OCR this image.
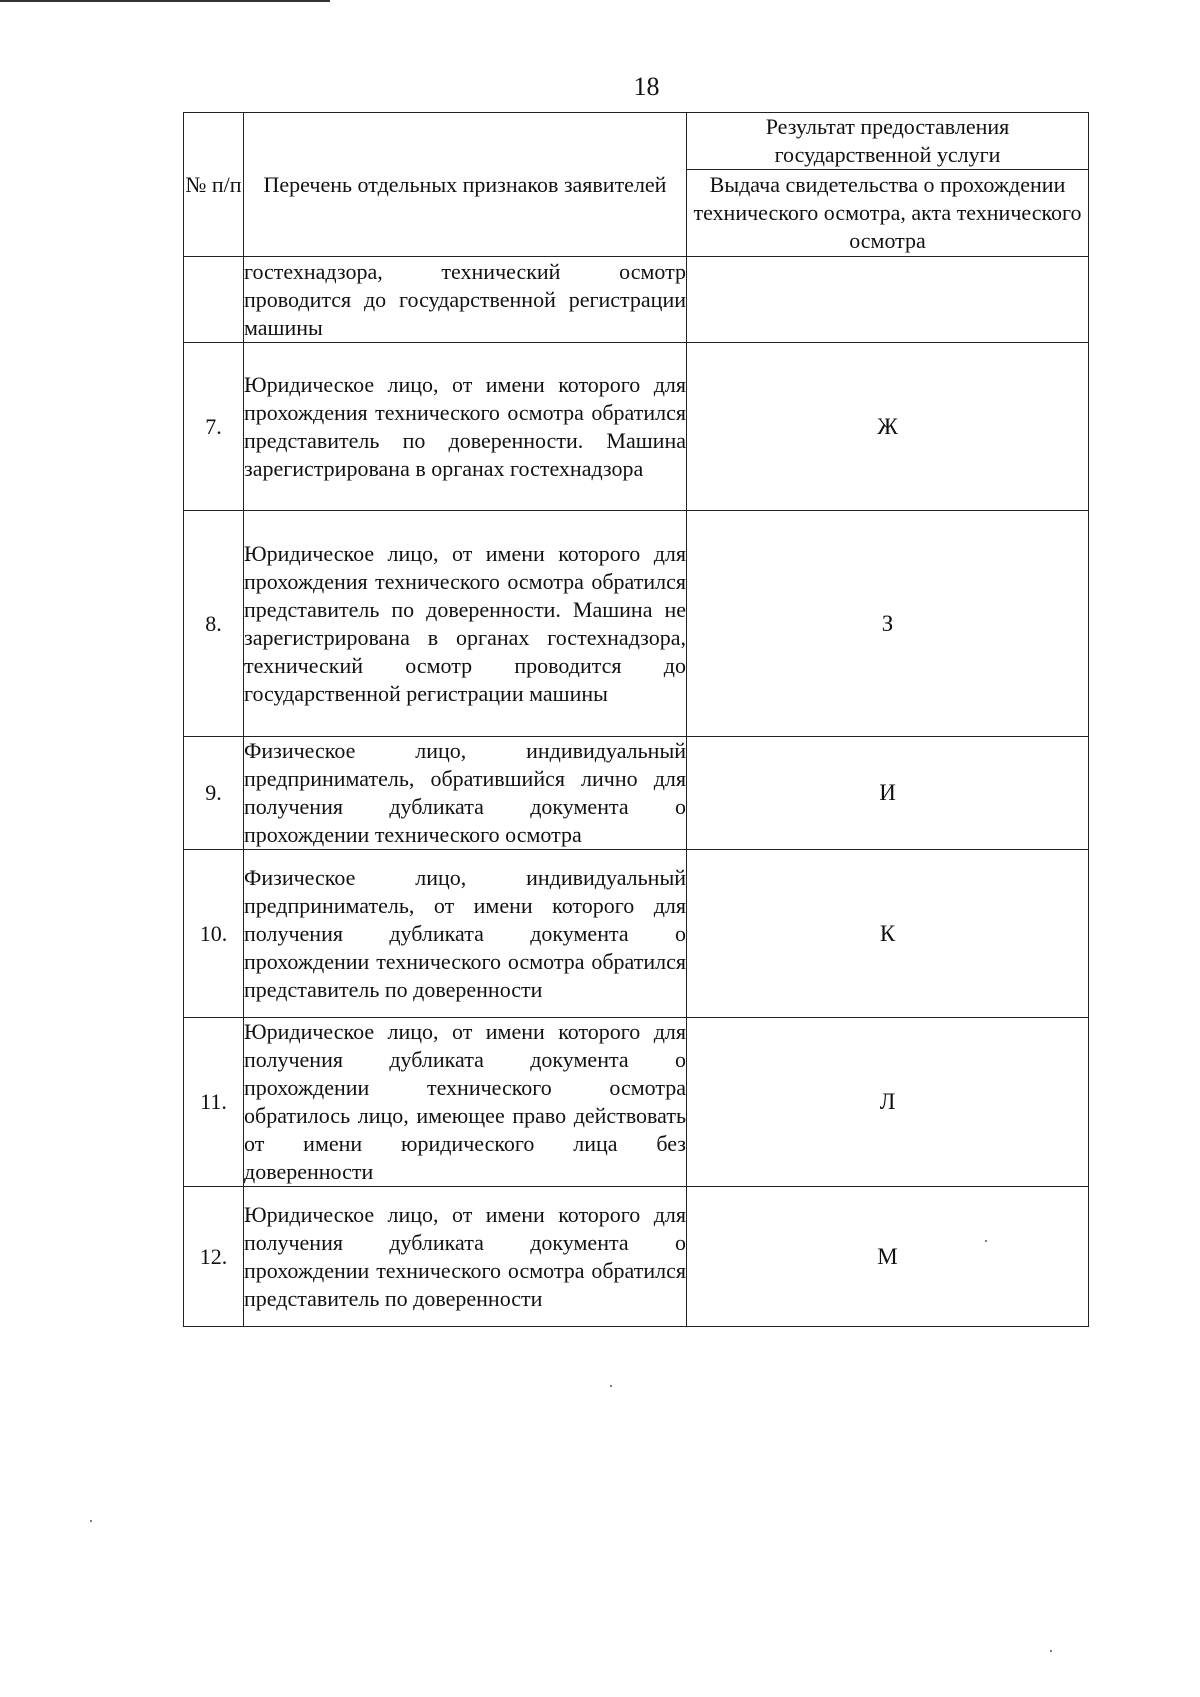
18
№ п/п	Перечень отдельных признаков заявителей	Результат предоставления государственной услуги
		Выдача свидетельства о прохождении технического осмотра, акта технического осмотра
	гостехнадзора, технический осмотр проводится до государственной регистрации машины	
7.	Юридическое лицо, от имени которого для прохождения технического осмотра обратился представитель по доверенности. Машина зарегистрирована в органах гостехнадзора	Ж
8.	Юридическое лицо, от имени которого для прохождения технического осмотра обратился представитель по доверенности. Машина не зарегистрирована в органах гостехнадзора, технический осмотр проводится до государственной регистрации машины	З
9.	Физическое лицо, индивидуальный предприниматель, обратившийся лично для получения дубликата документа о прохождении технического осмотра	И
10.	Физическое лицо, индивидуальный предприниматель, от имени которого для получения дубликата документа о прохождении технического осмотра обратился представитель по доверенности	К
11.	Юридическое лицо, от имени которого для получения дубликата документа о прохождении технического осмотра обратилось лицо, имеющее право действовать от имени юридического лица без доверенности	Л
12.	Юридическое лицо, от имени которого для получения дубликата документа о прохождении технического осмотра обратился представитель по доверенности	М
